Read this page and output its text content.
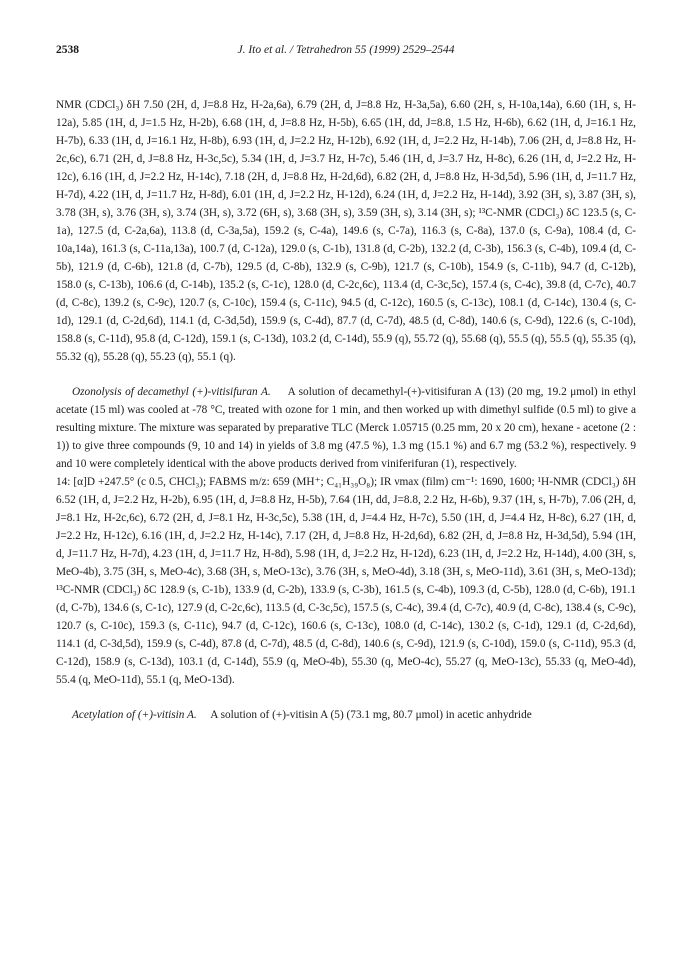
2538	J. Ito et al. / Tetrahedron 55 (1999) 2529–2544

NMR (CDCl₃) δH 7.50 (2H, d, J=8.8 Hz, H-2a,6a), 6.79 (2H, d, J=8.8 Hz, H-3a,5a), 6.60 (2H, s, H-10a,14a), 6.60 (1H, s, H-12a), 5.85 (1H, d, J=1.5 Hz, H-2b), 6.68 (1H, d, J=8.8 Hz, H-5b), 6.65 (1H, dd, J=8.8, 1.5 Hz, H-6b), 6.62 (1H, d, J=16.1 Hz, H-7b), 6.33 (1H, d, J=16.1 Hz, H-8b), 6.93 (1H, d, J=2.2 Hz, H-12b), 6.92 (1H, d, J=2.2 Hz, H-14b), 7.06 (2H, d, J=8.8 Hz, H-2c,6c), 6.71 (2H, d, J=8.8 Hz, H-3c,5c), 5.34 (1H, d, J=3.7 Hz, H-7c), 5.46 (1H, d, J=3.7 Hz, H-8c), 6.26 (1H, d, J=2.2 Hz, H-12c), 6.16 (1H, d, J=2.2 Hz, H-14c), 7.18 (2H, d, J=8.8 Hz, H-2d,6d), 6.82 (2H, d, J=8.8 Hz, H-3d,5d), 5.96 (1H, d, J=11.7 Hz, H-7d), 4.22 (1H, d, J=11.7 Hz, H-8d), 6.01 (1H, d, J=2.2 Hz, H-12d), 6.24 (1H, d, J=2.2 Hz, H-14d), 3.92 (3H, s), 3.87 (3H, s), 3.78 (3H, s), 3.76 (3H, s), 3.74 (3H, s), 3.72 (6H, s), 3.68 (3H, s), 3.59 (3H, s), 3.14 (3H, s); ¹³C-NMR (CDCl₃) δC 123.5 (s, C-1a), 127.5 (d, C-2a,6a), 113.8 (d, C-3a,5a), 159.2 (s, C-4a), 149.6 (s, C-7a), 116.3 (s, C-8a), 137.0 (s, C-9a), 108.4 (d, C-10a,14a), 161.3 (s, C-11a,13a), 100.7 (d, C-12a), 129.0 (s, C-1b), 131.8 (d, C-2b), 132.2 (d, C-3b), 156.3 (s, C-4b), 109.4 (d, C-5b), 121.9 (d, C-6b), 121.8 (d, C-7b), 129.5 (d, C-8b), 132.9 (s, C-9b), 121.7 (s, C-10b), 154.9 (s, C-11b), 94.7 (d, C-12b), 158.0 (s, C-13b), 106.6 (d, C-14b), 135.2 (s, C-1c), 128.0 (d, C-2c,6c), 113.4 (d, C-3c,5c), 157.4 (s, C-4c), 39.8 (d, C-7c), 40.7 (d, C-8c), 139.2 (s, C-9c), 120.7 (s, C-10c), 159.4 (s, C-11c), 94.5 (d, C-12c), 160.5 (s, C-13c), 108.1 (d, C-14c), 130.4 (s, C-1d), 129.1 (d, C-2d,6d), 114.1 (d, C-3d,5d), 159.9 (s, C-4d), 87.7 (d, C-7d), 48.5 (d, C-8d), 140.6 (s, C-9d), 122.6 (s, C-10d), 158.8 (s, C-11d), 95.8 (d, C-12d), 159.1 (s, C-13d), 103.2 (d, C-14d), 55.9 (q), 55.72 (q), 55.68 (q), 55.5 (q), 55.5 (q), 55.35 (q), 55.32 (q), 55.28 (q), 55.23 (q), 55.1 (q).

Ozonolysis of decamethyl (+)-vitisifuran A. A solution of decamethyl-(+)-vitisifuran A (13) (20 mg, 19.2 μmol) in ethyl acetate (15 ml) was cooled at -78 °C, treated with ozone for 1 min, and then worked up with dimethyl sulfide (0.5 ml) to give a resulting mixture. The mixture was separated by preparative TLC (Merck 1.05715 (0.25 mm, 20 x 20 cm), hexane - acetone (2 : 1)) to give three compounds (9, 10 and 14) in yields of 3.8 mg (47.5 %), 1.3 mg (15.1 %) and 6.7 mg (53.2 %), respectively. 9 and 10 were completely identical with the above products derived from viniferifuran (1), respectively.

14: [α]D +247.5° (c 0.5, CHCl₃); FABMS m/z: 659 (MH⁺; C₄₁H₃₉O₈); IR νmax (film) cm⁻¹: 1690, 1600; ¹H-NMR (CDCl₃) δH 6.52 (1H, d, J=2.2 Hz, H-2b), 6.95 (1H, d, J=8.8 Hz, H-5b), 7.64 (1H, dd, J=8.8, 2.2 Hz, H-6b), 9.37 (1H, s, H-7b), 7.06 (2H, d, J=8.1 Hz, H-2c,6c), 6.72 (2H, d, J=8.1 Hz, H-3c,5c), 5.38 (1H, d, J=4.4 Hz, H-7c), 5.50 (1H, d, J=4.4 Hz, H-8c), 6.27 (1H, d, J=2.2 Hz, H-12c), 6.16 (1H, d, J=2.2 Hz, H-14c), 7.17 (2H, d, J=8.8 Hz, H-2d,6d), 6.82 (2H, d, J=8.8 Hz, H-3d,5d), 5.94 (1H, d, J=11.7 Hz, H-7d), 4.23 (1H, d, J=11.7 Hz, H-8d), 5.98 (1H, d, J=2.2 Hz, H-12d), 6.23 (1H, d, J=2.2 Hz, H-14d), 4.00 (3H, s, MeO-4b), 3.75 (3H, s, MeO-4c), 3.68 (3H, s, MeO-13c), 3.76 (3H, s, MeO-4d), 3.18 (3H, s, MeO-11d), 3.61 (3H, s, MeO-13d); ¹³C-NMR (CDCl₃) δC 128.9 (s, C-1b), 133.9 (d, C-2b), 133.9 (s, C-3b), 161.5 (s, C-4b), 109.3 (d, C-5b), 128.0 (d, C-6b), 191.1 (d, C-7b), 134.6 (s, C-1c), 127.9 (d, C-2c,6c), 113.5 (d, C-3c,5c), 157.5 (s, C-4c), 39.4 (d, C-7c), 40.9 (d, C-8c), 138.4 (s, C-9c), 120.7 (s, C-10c), 159.3 (s, C-11c), 94.7 (d, C-12c), 160.6 (s, C-13c), 108.0 (d, C-14c), 130.2 (s, C-1d), 129.1 (d, C-2d,6d), 114.1 (d, C-3d,5d), 159.9 (s, C-4d), 87.8 (d, C-7d), 48.5 (d, C-8d), 140.6 (s, C-9d), 121.9 (s, C-10d), 159.0 (s, C-11d), 95.3 (d, C-12d), 158.9 (s, C-13d), 103.1 (d, C-14d), 55.9 (q, MeO-4b), 55.30 (q, MeO-4c), 55.27 (q, MeO-13c), 55.33 (q, MeO-4d), 55.4 (q, MeO-11d), 55.1 (q, MeO-13d).

Acetylation of (+)-vitisin A. A solution of (+)-vitisin A (5) (73.1 mg, 80.7 μmol) in acetic anhydride
